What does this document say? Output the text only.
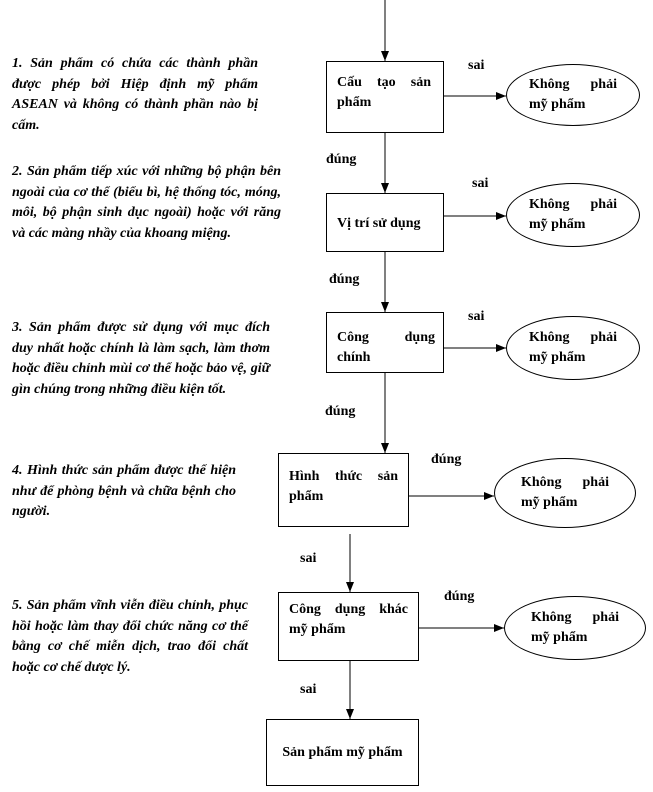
1. Sản phẩm có chứa các thành phần được phép bởi Hiệp định mỹ phẩm ASEAN và không có thành phần nào bị cấm.
2. Sản phẩm tiếp xúc với những bộ phận bên ngoài của cơ thể (biểu bì, hệ thống tóc, móng, môi, bộ phận sinh dục ngoài) hoặc với răng và các màng nhầy của khoang miệng.
3. Sản phẩm được sử dụng với mục đích duy nhất hoặc chính là làm sạch, làm thơm hoặc điều chỉnh mùi cơ thể hoặc bảo vệ, giữ gìn chúng trong những điều kiện tốt.
4. Hình thức sản phẩm được thể hiện như để phòng bệnh và chữa bệnh cho người.
5. Sản phẩm vĩnh viễn điều chỉnh, phục hồi hoặc làm thay đổi chức năng cơ thể bằng cơ chế miễn dịch, trao đổi chất hoặc cơ chế dược lý.
Cấu tạo sản phẩm
Vị trí sử dụng
Công dụng chính
Hình thức sản phẩm
Công dụng khác mỹ phẩm
Sản phẩm mỹ phẩm
Không phải mỹ phẩm
Không phải mỹ phẩm
Không phải mỹ phẩm
Không phải mỹ phẩm
Không phải mỹ phẩm
sai
sai
sai
đúng
đúng
đúng
đúng
đúng
sai
sai
